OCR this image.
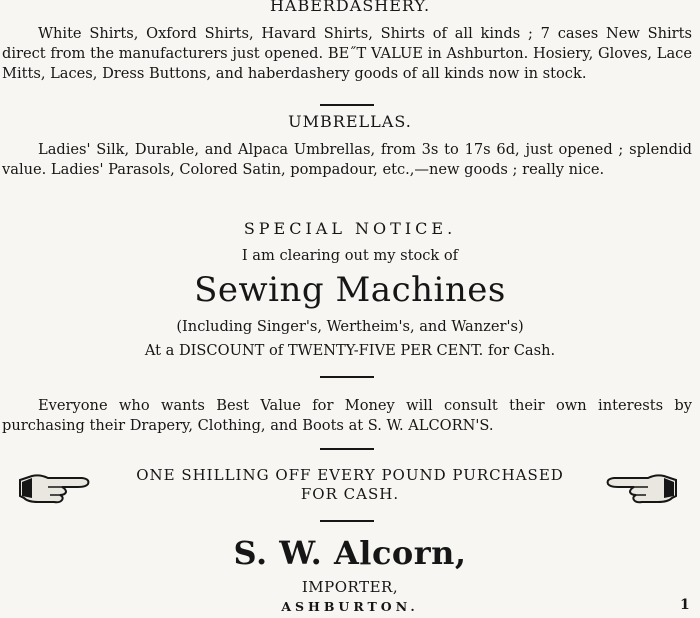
HABERDASHERY.
White Shirts, Oxford Shirts, Havard Shirts, Shirts of all kinds ; 7 cases New Shirts direct from the manufacturers just opened. BE˝T VALUE in Ashburton. Hosiery, Gloves, Lace Mitts, Laces, Dress Buttons, and haberdashery goods of all kinds now in stock.
UMBRELLAS.
Ladies' Silk, Durable, and Alpaca Umbrellas, from 3s to 17s 6d, just opened ; splendid value. Ladies' Parasols, Colored Satin, pompadour, etc.,—new goods ; really nice.
SPECIAL NOTICE.
I am clearing out my stock of
Sewing Machines
(Including Singer's, Wertheim's, and Wanzer's)
At a DISCOUNT of TWENTY-FIVE PER CENT. for Cash.
Everyone who wants Best Value for Money will consult their own interests by purchasing their Drapery, Clothing, and Boots at S. W. ALCORN'S.
ONE SHILLING OFF EVERY POUND PURCHASED
FOR CASH.
S. W. Alcorn,
IMPORTER,
ASHBURTON.	1
